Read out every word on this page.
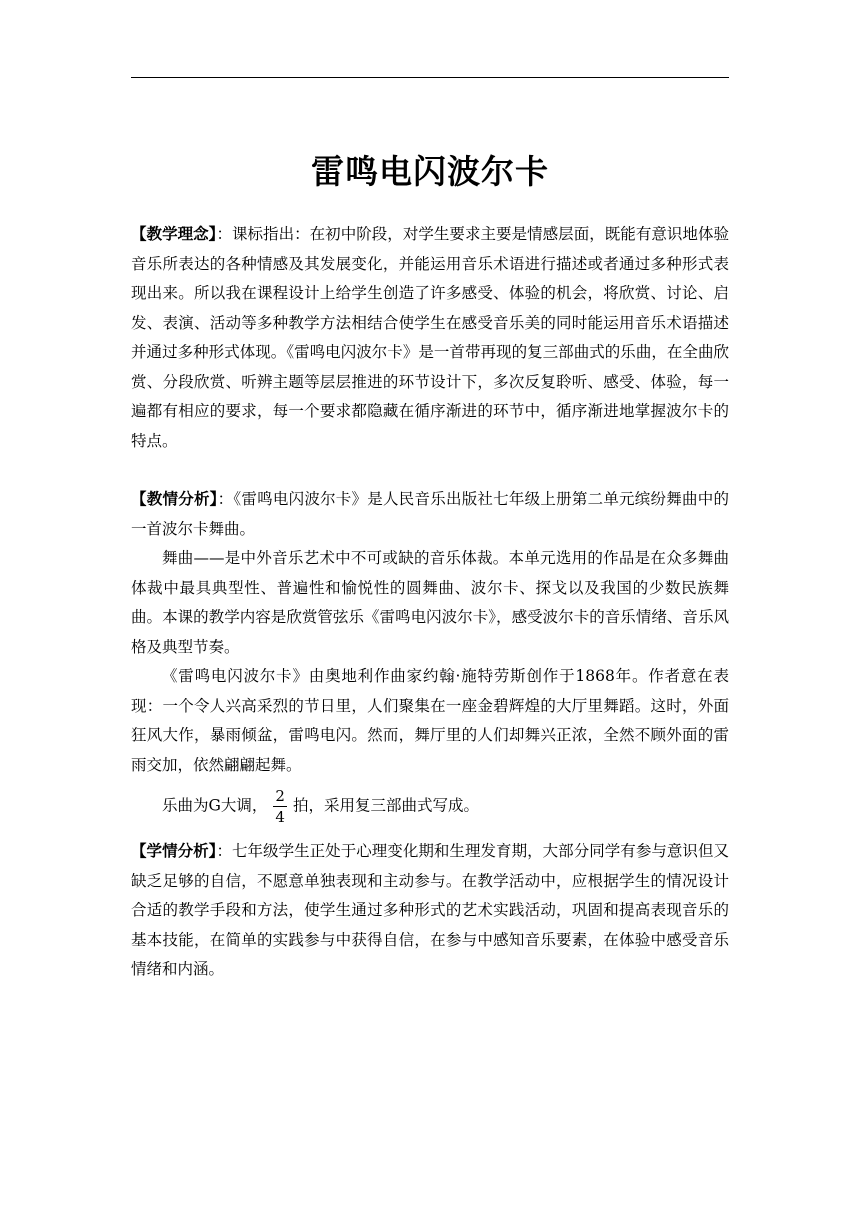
雷鸣电闪波尔卡

【教学理念】：课标指出：在初中阶段，对学生要求主要是情感层面，既能有意识地体验音乐所表达的各种情感及其发展变化，并能运用音乐术语进行描述或者通过多种形式表现出来。所以我在课程设计上给学生创造了许多感受、体验的机会，将欣赏、讨论、启发、表演、活动等多种教学方法相结合使学生在感受音乐美的同时能运用音乐术语描述并通过多种形式体现。《雷鸣电闪波尔卡》是一首带再现的复三部曲式的乐曲，在全曲欣赏、分段欣赏、听辨主题等层层推进的环节设计下，多次反复聆听、感受、体验，每一遍都有相应的要求，每一个要求都隐藏在循序渐进的环节中，循序渐进地掌握波尔卡的特点。

【教情分析】：《雷鸣电闪波尔卡》是人民音乐出版社七年级上册第二单元缤纷舞曲中的一首波尔卡舞曲。

舞曲——是中外音乐艺术中不可或缺的音乐体裁。本单元选用的作品是在众多舞曲体裁中最具典型性、普遍性和愉悦性的圆舞曲、波尔卡、探戈以及我国的少数民族舞曲。本课的教学内容是欣赏管弦乐《雷鸣电闪波尔卡》，感受波尔卡的音乐情绪、音乐风格及典型节奏。

《雷鸣电闪波尔卡》由奥地利作曲家约翰·施特劳斯创作于1868年。作者意在表现：一个令人兴高采烈的节日里，人们聚集在一座金碧辉煌的大厅里舞蹈。这时，外面狂风大作，暴雨倾盆，雷鸣电闪。然而，舞厅里的人们却舞兴正浓，全然不顾外面的雷雨交加，依然翩翩起舞。

乐曲为G大调， $\frac{2}{4}$ 拍，采用复三部曲式写成。

【学情分析】：七年级学生正处于心理变化期和生理发育期，大部分同学有参与意识但又缺乏足够的自信，不愿意单独表现和主动参与。在教学活动中，应根据学生的情况设计合适的教学手段和方法，使学生通过多种形式的艺术实践活动，巩固和提高表现音乐的基本技能，在简单的实践参与中获得自信，在参与中感知音乐要素，在体验中感受音乐情绪和内涵。
